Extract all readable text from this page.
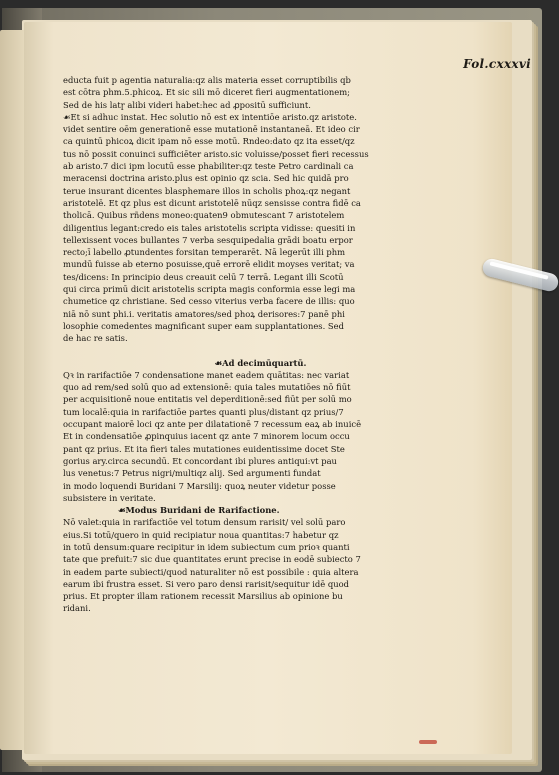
Fol.cxxxvi
educta fuit p agentia naturalia:qz alis materia esset corruptibilis qb
est cōtra phm.5.phicoꝝ. Et sic sili mō diceret fieri augmentationem;
Sed de his latɼ alibi videri habet:hec ad ꝓpositū sufficiunt.
☙Et si adhuc instat. Hec solutio nō est ex intentiōe aristo.qz aristote.
videt sentire oēm generationē esse mutationē instantaneā. Et ideo cir
ca quintū phicoꝝ dicit ipam nō esse motū. Rndeo:dato qz ita esset/qz
tus nō possit conuinci sufficiēter aristo.sic voluisse/posset fieri recessus
ab aristo.7 dici ipm locutū esse phabiliter:qz teste Petro cardinali ca
meracensi doctrina aristo.plus est opinio qz scia. Sed hic quidā pro
terue insurant dicentes blasphemare illos in scholis phoꝝ:qz negant
aristotelē. Et qz plus est dicunt aristotelē nūqz sensisse contra fidē ca
tholicā. Quibus rñdens moneo:quaten9 obmutescant 7 aristotelem
diligentius legant:credo eis tales aristotelis scripta vidisse: quesiti in
tellexissent voces bullantes 7 verba sesquipedalia grādi boatu erpor
recto;ī labello ꝓtundentes forsitan temperarēt. Nā legerūt illi phm
mundū fuisse ab eterno posuisse,quē errorē elidit moyses veritat; va
tes/dicens: In principio deus creauit celū 7 terrā. Legant illi Scotū
qui circa primū dicit aristotelis scripta magis conformia esse legi ma
chumetice qz christiane. Sed cesso viterius verba facere de illis: quo
niā nō sunt phi.i. veritatis amatores/sed phoꝝ derisores:7 panē phi
losophie comedentes magnificant super eam supplantationes. Sed
de hac re satis.
☙Ad decimūquartū.
Qꝛ in rarifactiōe 7 condensatione manet eadem quātitas: nec variat
quo ad rem/sed solū quo ad extensionē: quia tales mutatiōes nō fiūt
per acquisitionē noue entitatis vel deperditionē:sed fiūt per solū mo
tum localē:quia in rarifactiōe partes quanti plus/distant qz prius/7
occupant maiorē loci qz ante per dilatationē 7 recessum eaꝝ ab inuicē
Et in condensatiōe ꝓpinquius iacent qz ante 7 minorem locum occu
pant qz prius. Et ita fieri tales mutationes euidentissime docet Ste
gorius ary.circa secundū. Et concordant ibi plures antiqui:vt pau
lus venetus:7 Petrus nigri/multiqz alij. Sed argumenti fundat
in modo loquendi Buridani 7 Marsilij: quoꝝ neuter videtur posse
subsistere in veritate.
☙Modus Buridani de Rarifactione.
Nō valet:quia in rarifactiōe vel totum densum rarisit/ vel solū paro
eius.Si totū/quero in quid recipiatur noua quantitas:7 habetur qz
in totū densum:quare recipitur in idem subiectum cum prioꝛ quanti
tate que prefuit:7 sic due quantitates erunt precise in eodē subiecto 7
in eadem parte subiecti/quod naturaliter nō est possibile : quia altera
earum ibi frustra esset. Si vero paro densi rarisit/sequitur idē quod
prius. Et propter illam rationem recessit Marsilius ab opinione bu
ridani.
